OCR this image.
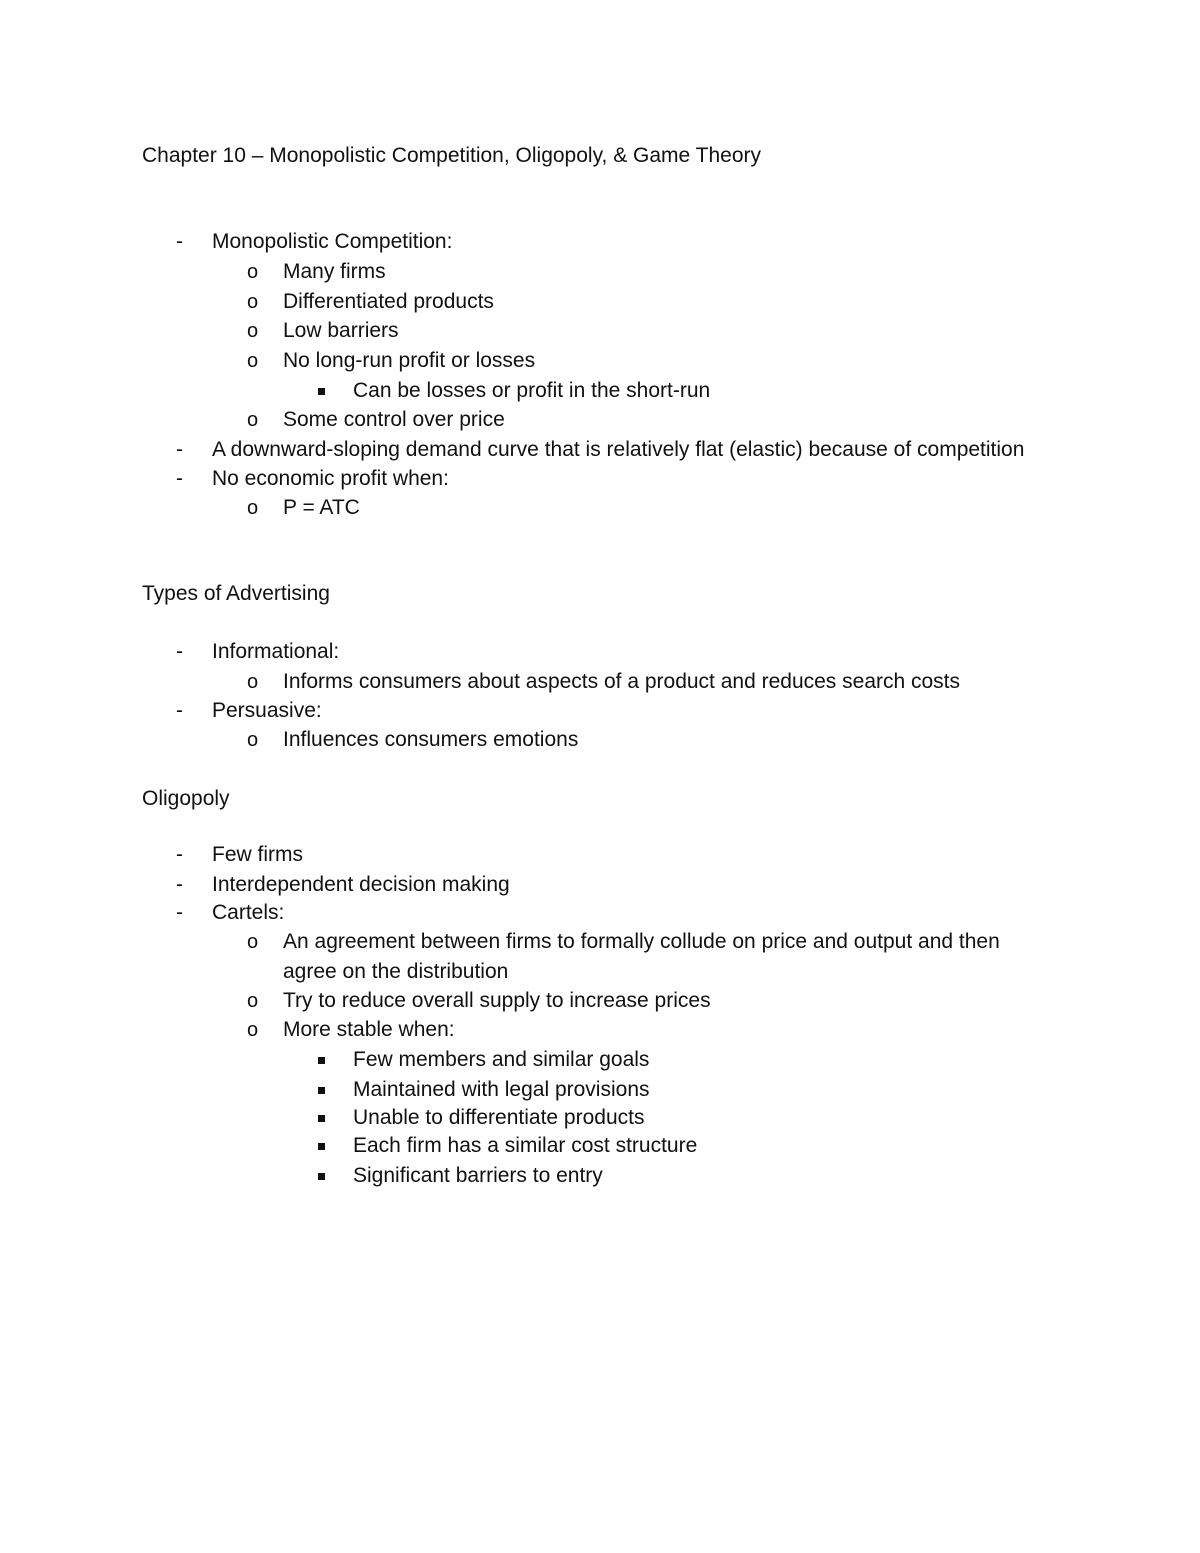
Chapter 10 – Monopolistic Competition, Oligopoly, & Game Theory
- Monopolistic Competition:
o Many firms
o Differentiated products
o Low barriers
o No long-run profit or losses
Can be losses or profit in the short-run
o Some control over price
- A downward-sloping demand curve that is relatively flat (elastic) because of competition
- No economic profit when:
o P = ATC
Types of Advertising
- Informational:
o Informs consumers about aspects of a product and reduces search costs
- Persuasive:
o Influences consumers emotions
Oligopoly
- Few firms
- Interdependent decision making
- Cartels:
o An agreement between firms to formally collude on price and output and then
agree on the distribution
o Try to reduce overall supply to increase prices
o More stable when:
Few members and similar goals
Maintained with legal provisions
Unable to differentiate products
Each firm has a similar cost structure
Significant barriers to entry
